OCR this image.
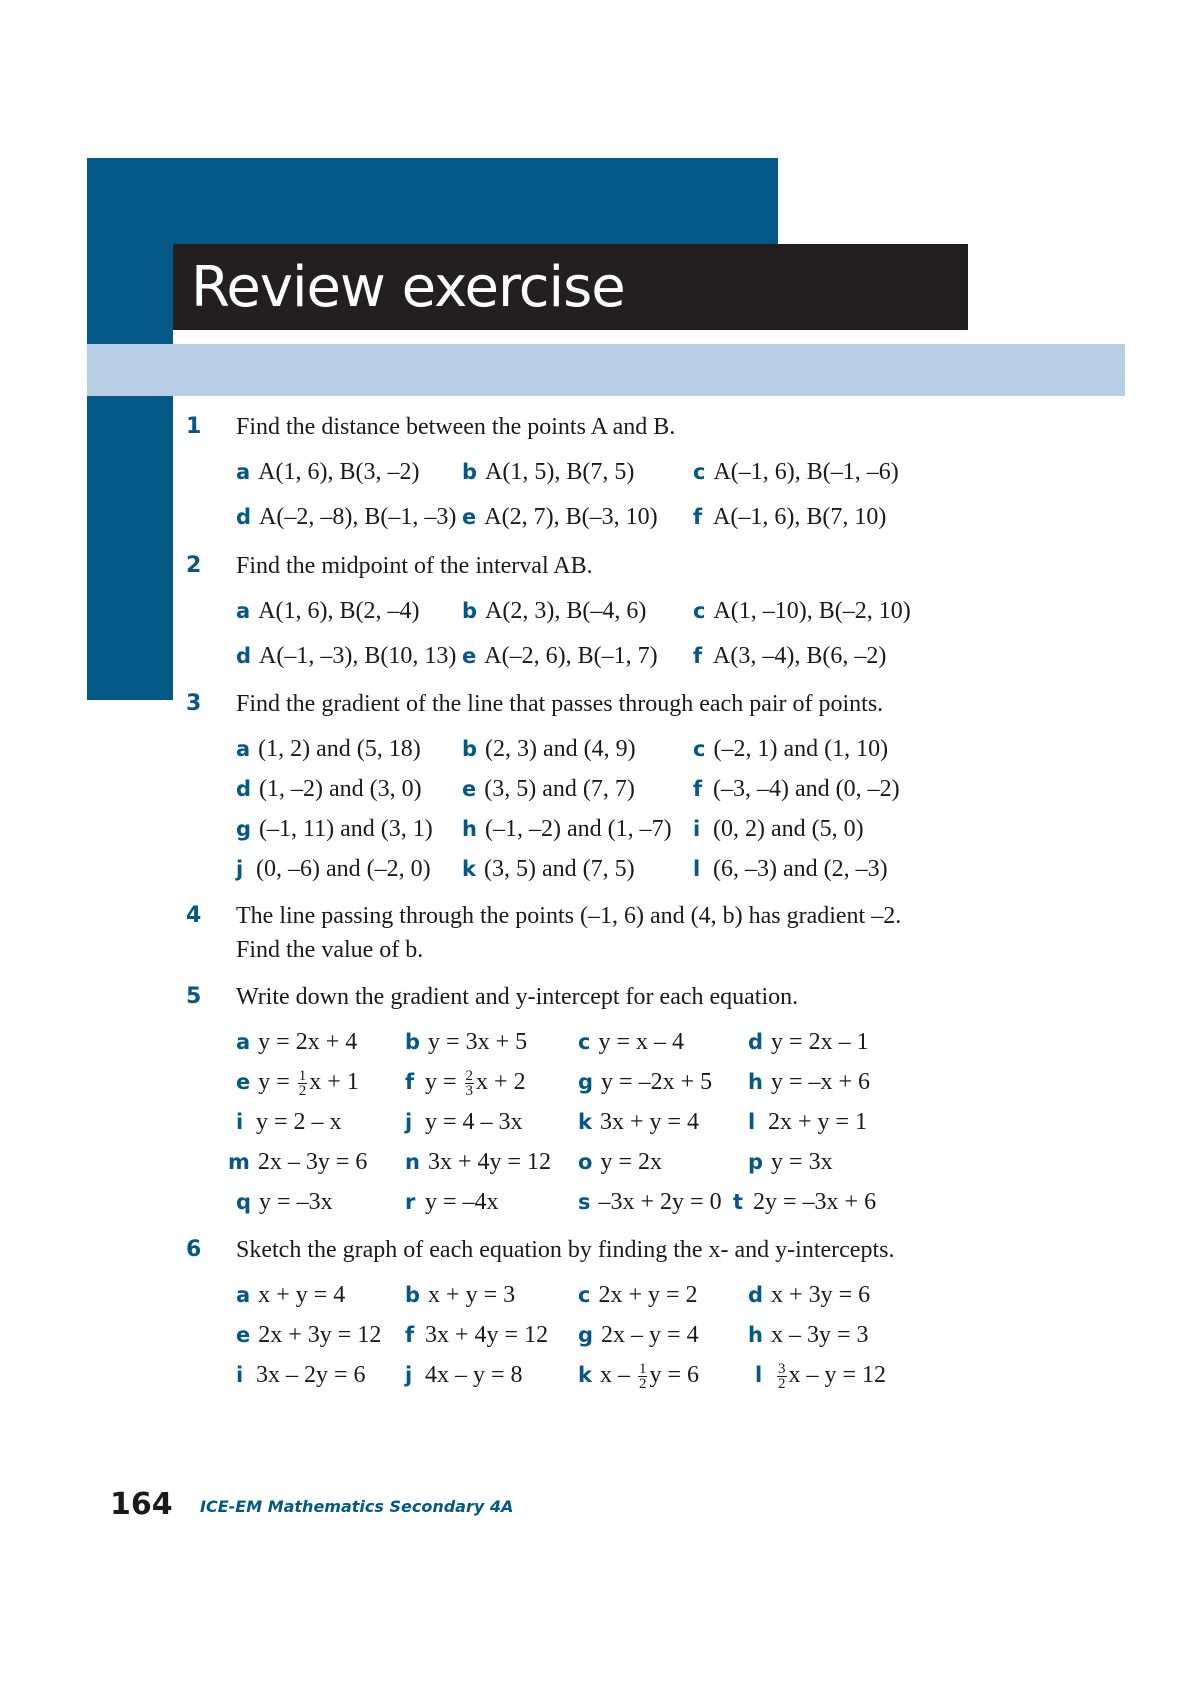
Review exercise
1 Find the distance between the points A and B.
a A(1, 6), B(3, –2) b A(1, 5), B(7, 5)	c A(–1, 6), B(–1, –6)
d A(–2, –8), B(–1, –3) e A(2, 7), B(–3, 10) f A(–1, 6), B(7, 10)
2 Find the midpoint of the interval AB.
a A(1, 6), B(2, –4) b A(2, 3), B(–4, 6) c A(1, –10), B(–2, 10)
d A(–1, –3), B(10, 13) e A(–2, 6), B(–1, 7) f A(3, –4), B(6, –2)
3 Find the gradient of the line that passes through each pair of points.
a (1, 2) and (5, 18) b (2, 3) and (4, 9)	c (–2, 1) and (1, 10)
d (1, –2) and (3, 0) e (3, 5) and (7, 7)	f (–3, –4) and (0, –2)
g (–1, 11) and (3, 1) h (–1, –2) and (1, –7) i (0, 2) and (5, 0)
j (0, –6) and (–2, 0) k (3, 5) and (7, 5)	l (6, –3) and (2, –3)
4 The line passing through the points (–1, 6) and (4, b) has gradient –2.
Find the value of b.
5 Write down the gradient and y-intercept for each equation.
a y = 2x + 4 b y = 3x + 5 c y = x – 4	d y = 2x – 1
e $y = \frac{1}{2}$ x + 1 f $y = \frac{2}{3}$ x + 2 g y = –2x + 5 h y = –x + 6
i y = 2 – x	j y = 4 – 3x	k 3x + y = 4 l 2x + y = 1
m 2x – 3y = 6 n 3x + 4y = 12 o y = 2x	p y = 3x
q y = –3x	r y = –4x	s –3x + 2y = 0 t 2y = –3x + 6
6 Sketch the graph of each equation by finding the x- and y-intercepts.
a x + y = 4	b x + y = 3	c 2x + y = 2 d x + 3y = 6
e 2x + 3y = 12 f 3x + 4y = 12 g 2x – y = 4 h x – 3y = 3
i 3x – 2y = 6 j 4x – y = 8	k x – $\frac{1}{2}$ y = 6	l $\frac{3}{2}$ x – y = 12
164 ICE-EM Mathematics Secondary 4A
